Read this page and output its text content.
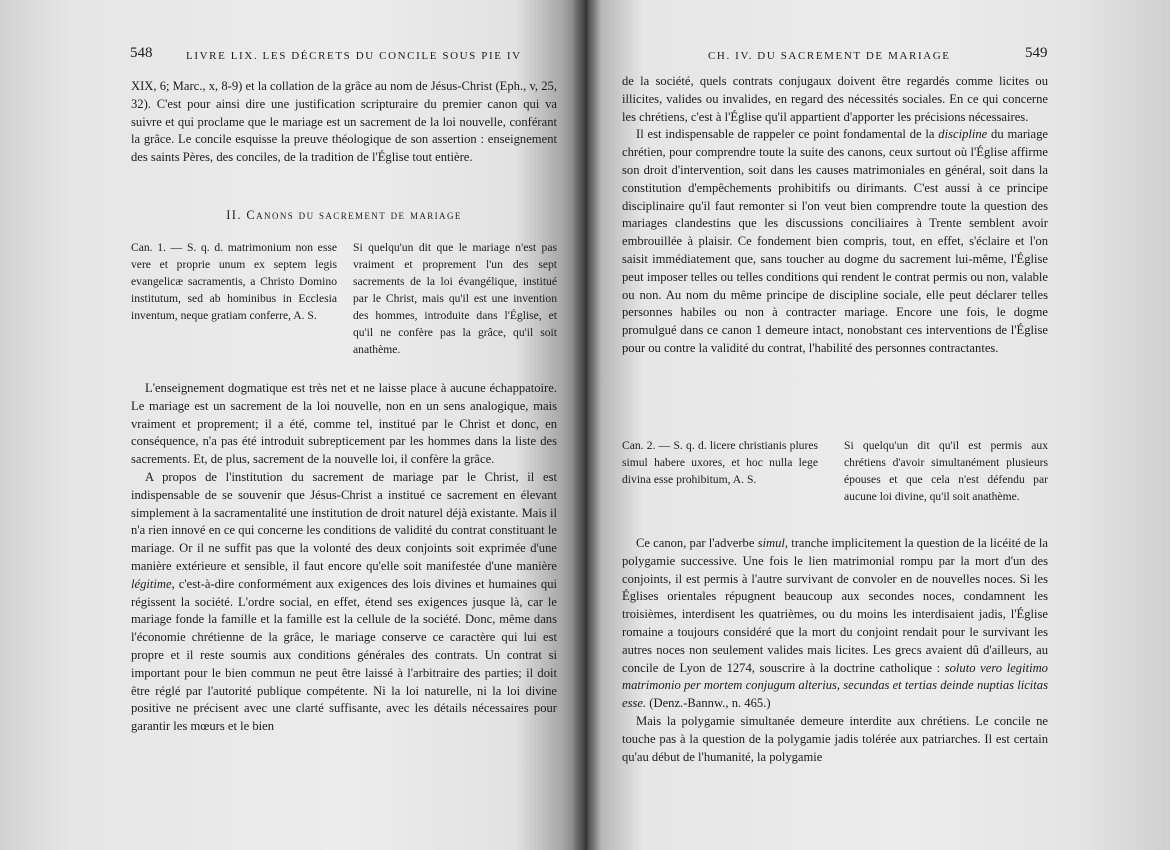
548	LIVRE LIX. LES DÉCRETS DU CONCILE SOUS PIE IV

XIX, 6; Marc., x, 8-9) et la collation de la grâce au nom de Jésus-Christ (Eph., v, 25, 32). C'est pour ainsi dire une justification scripturaire du premier canon qui va suivre et qui proclame que le mariage est un sacrement de la loi nouvelle, conférant la grâce. Le concile esquisse la preuve théologique de son assertion : enseignement des saints Pères, des conciles, de la tradition de l'Église tout entière.

II. Canons du sacrement de mariage
Can. 1. — S. q. d. matrimonium non esse vere et proprie unum ex septem legis evangelicæ sacramentis, a Christo Domino institutum, sed ab hominibus in Ecclesia inventum, neque gratiam conferre, A. S.
Si quelqu'un dit que le mariage n'est pas vraiment et proprement l'un des sept sacrements de la loi évangélique, institué par le Christ, mais qu'il est une invention des hommes, introduite dans l'Église, et qu'il ne confère pas la grâce, qu'il soit anathème.

L'enseignement dogmatique est très net et ne laisse place à aucune échappatoire. Le mariage est un sacrement de la loi nouvelle, non en un sens analogique, mais vraiment et proprement; il a été, comme tel, institué par le Christ et donc, en conséquence, n'a pas été introduit subrepticement par les hommes dans la liste des sacrements. Et, de plus, sacrement de la nouvelle loi, il confère la grâce.

A propos de l'institution du sacrement de mariage par le Christ, il est indispensable de se souvenir que Jésus-Christ a institué ce sacrement en élevant simplement à la sacramentalité une institution de droit naturel déjà existante. Mais il n'a rien innové en ce qui concerne les conditions de validité du contrat constituant le mariage. Or il ne suffit pas que la volonté des deux conjoints soit exprimée d'une manière extérieure et sensible, il faut encore qu'elle soit manifestée d'une manière légitime, c'est-à-dire conformément aux exigences des lois divines et humaines qui régissent la société. L'ordre social, en effet, étend ses exigences jusque là, car le mariage fonde la famille et la famille est la cellule de la société. Donc, même dans l'économie chrétienne de la grâce, le mariage conserve ce caractère qui lui est propre et il reste soumis aux conditions générales des contrats. Un contrat si important pour le bien commun ne peut être laissé à l'arbitraire des parties; il doit être réglé par l'autorité publique compétente. Ni la loi naturelle, ni la loi divine positive ne précisent avec une clarté suffisante, avec les détails nécessaires pour garantir les mœurs et le bien

CH. IV. DU SACREMENT DE MARIAGE	549

de la société, quels contrats conjugaux doivent être regardés comme licites ou illicites, valides ou invalides, en regard des nécessités sociales. En ce qui concerne les chrétiens, c'est à l'Église qu'il appartient d'apporter les précisions nécessaires.

Il est indispensable de rappeler ce point fondamental de la discipline du mariage chrétien, pour comprendre toute la suite des canons, ceux surtout où l'Église affirme son droit d'intervention, soit dans les causes matrimoniales en général, soit dans la constitution d'empêchements prohibitifs ou dirimants. C'est aussi à ce principe disciplinaire qu'il faut remonter si l'on veut bien comprendre toute la question des mariages clandestins que les discussions conciliaires à Trente semblent avoir embrouillée à plaisir. Ce fondement bien compris, tout, en effet, s'éclaire et l'on saisit immédiatement que, sans toucher au dogme du sacrement lui-même, l'Église peut imposer telles ou telles conditions qui rendent le contrat permis ou non, valable ou non. Au nom du même principe de discipline sociale, elle peut déclarer telles personnes habiles ou non à contracter mariage. Encore une fois, le dogme promulgué dans ce canon 1 demeure intact, nonobstant ces interventions de l'Église pour ou contre la validité du contrat, l'habilité des personnes contractantes.

Can. 2. — S. q. d. licere christianis plures simul habere uxores, et hoc nulla lege divina esse prohibitum, A. S.
Si quelqu'un dit qu'il est permis aux chrétiens d'avoir simultanément plusieurs épouses et que cela n'est défendu par aucune loi divine, qu'il soit anathème.

Ce canon, par l'adverbe simul, tranche implicitement la question de la licéité de la polygamie successive. Une fois le lien matrimonial rompu par la mort d'un des conjoints, il est permis à l'autre survivant de convoler en de nouvelles noces. Si les Églises orientales répugnent beaucoup aux secondes noces, condamnent les troisièmes, interdisent les quatrièmes, ou du moins les interdisaient jadis, l'Église romaine a toujours considéré que la mort du conjoint rendait pour le survivant les autres noces non seulement valides mais licites. Les grecs avaient dû d'ailleurs, au concile de Lyon de 1274, souscrire à la doctrine catholique : soluto vero legitimo matrimonio per mortem conjugum alterius, secundas et tertias deinde nuptias licitas esse. (Denz.-Bannw., n. 465.)

Mais la polygamie simultanée demeure interdite aux chrétiens. Le concile ne touche pas à la question de la polygamie jadis tolérée aux patriarches. Il est certain qu'au début de l'humanité, la polygamie
